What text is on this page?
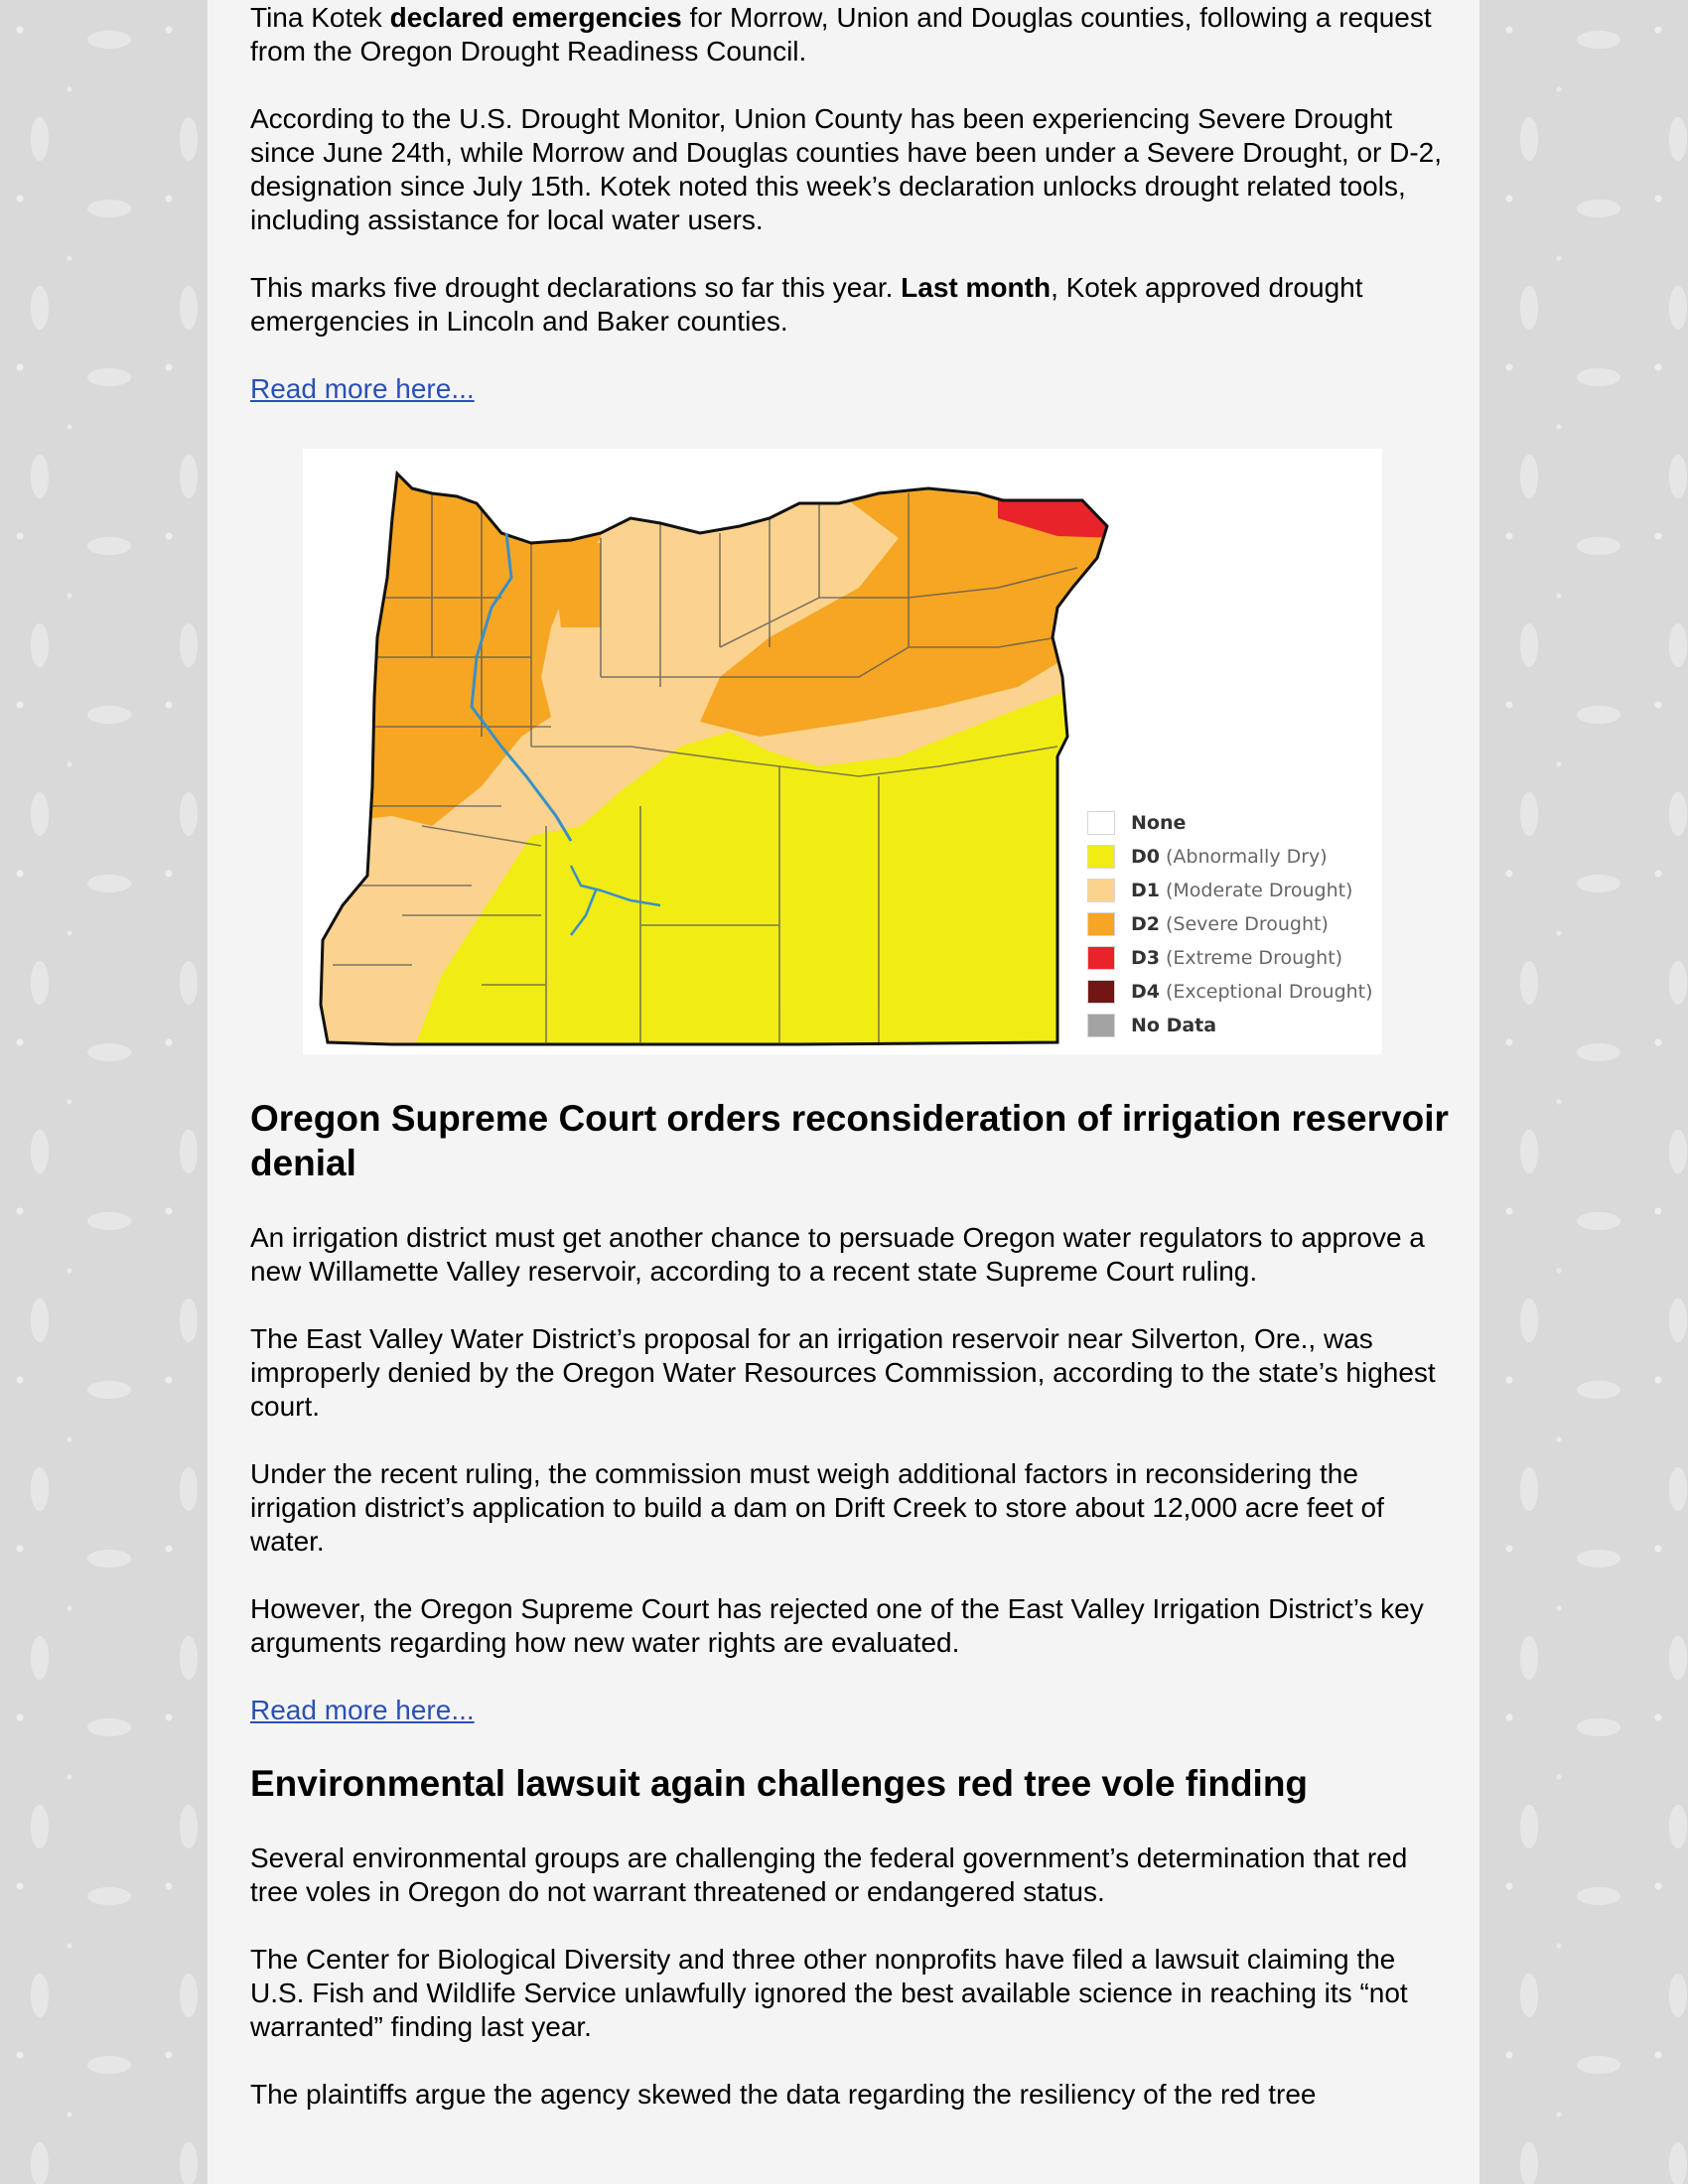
Tina Kotek declared emergencies for Morrow, Union and Douglas counties, following a request from the Oregon Drought Readiness Council.

According to the U.S. Drought Monitor, Union County has been experiencing Severe Drought since June 24th, while Morrow and Douglas counties have been under a Severe Drought, or D-2, designation since July 15th. Kotek noted this week’s declaration unlocks drought related tools, including assistance for local water users.

This marks five drought declarations so far this year. Last month, Kotek approved drought emergencies in Lincoln and Baker counties.

Read more here...
None
D0 (Abnormally Dry)
D1 (Moderate Drought)
D2 (Severe Drought)
D3 (Extreme Drought)
D4 (Exceptional Drought)
No Data
Oregon Supreme Court orders reconsideration of irrigation reservoir denial

An irrigation district must get another chance to persuade Oregon water regulators to approve a new Willamette Valley reservoir, according to a recent state Supreme Court ruling.

The East Valley Water District’s proposal for an irrigation reservoir near Silverton, Ore., was improperly denied by the Oregon Water Resources Commission, according to the state’s highest court.

Under the recent ruling, the commission must weigh additional factors in reconsidering the irrigation district’s application to build a dam on Drift Creek to store about 12,000 acre feet of water.

However, the Oregon Supreme Court has rejected one of the East Valley Irrigation District’s key arguments regarding how new water rights are evaluated.

Read more here...
Environmental lawsuit again challenges red tree vole finding

Several environmental groups are challenging the federal government’s determination that red tree voles in Oregon do not warrant threatened or endangered status.

The Center for Biological Diversity and three other nonprofits have filed a lawsuit claiming the U.S. Fish and Wildlife Service unlawfully ignored the best available science in reaching its “not warranted” finding last year.

The plaintiffs argue the agency skewed the data regarding the resiliency of the red tree
